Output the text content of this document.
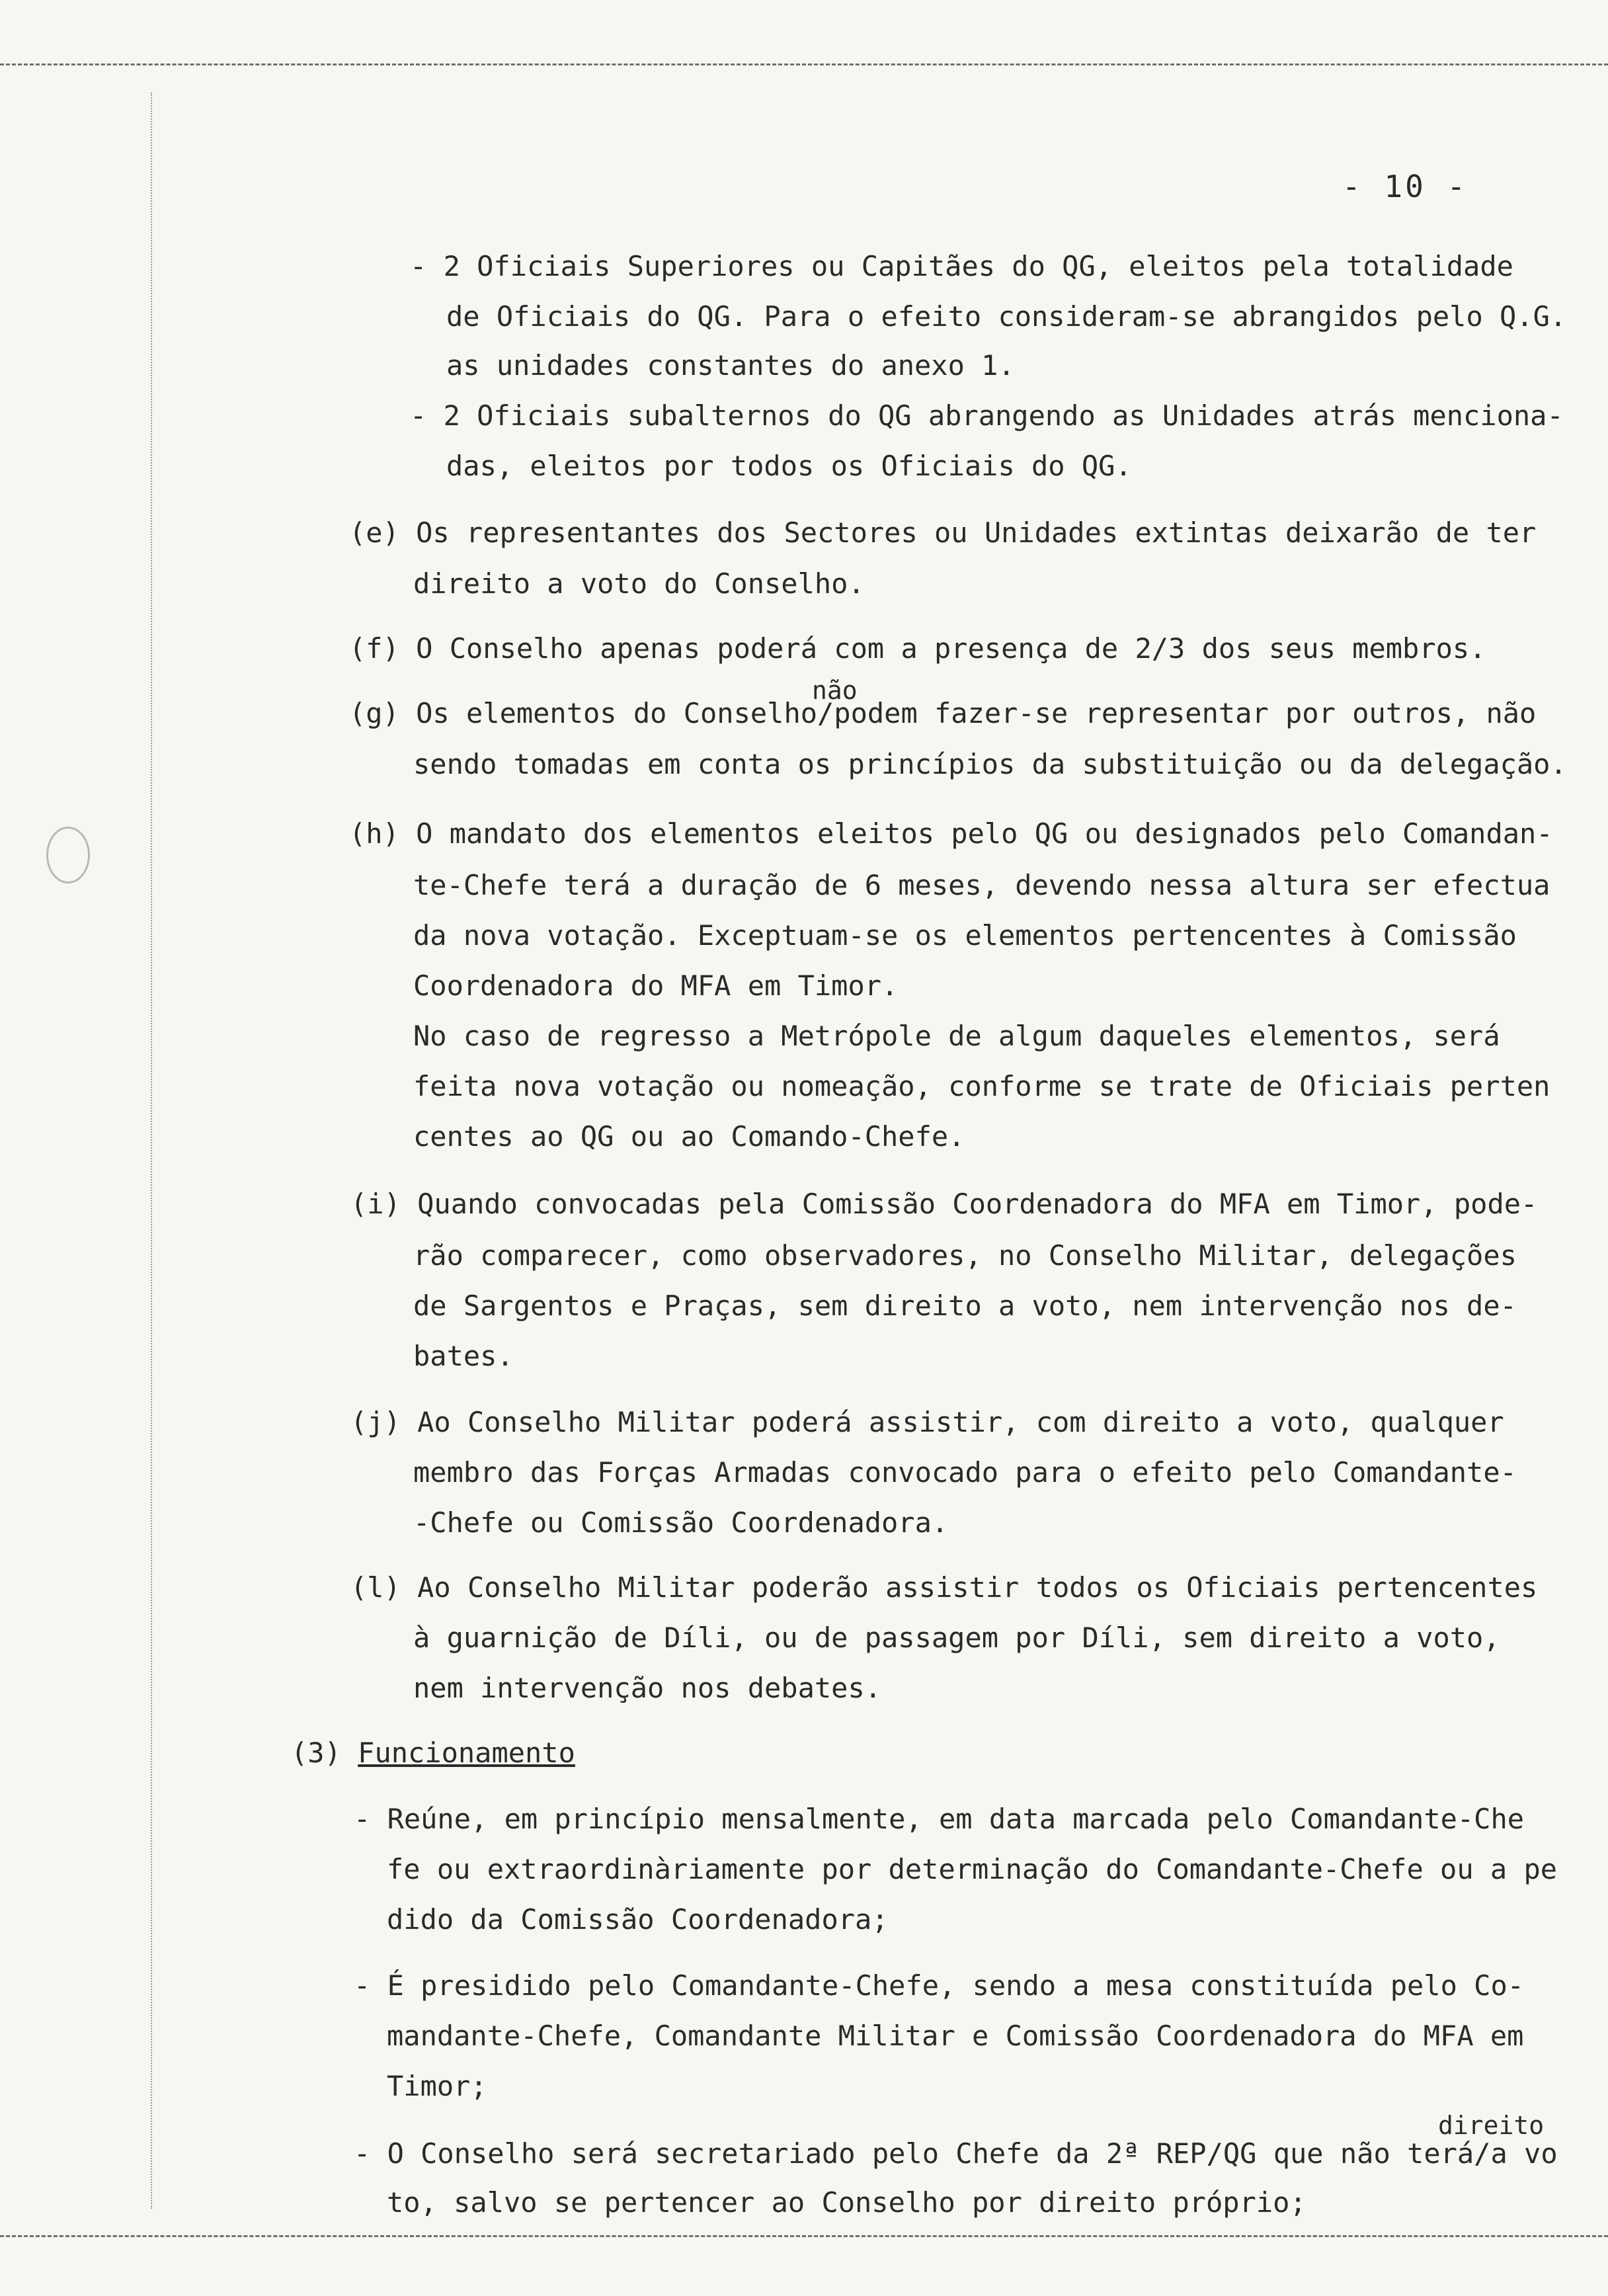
- 10 -
- 2 Oficiais Superiores ou Capitães do QG, eleitos pela totalidade
de Oficiais do QG. Para o efeito consideram-se abrangidos pelo Q.G.
as unidades constantes do anexo 1.
- 2 Oficiais subalternos do QG abrangendo as Unidades atrás menciona-
das, eleitos por todos os Oficiais do QG.
(e) Os representantes dos Sectores ou Unidades extintas deixarão de ter
direito a voto do Conselho.
(f) O Conselho apenas poderá com a presença de 2/3 dos seus membros.
(g) Os elementos do Conselho/podem fazer-se representar por outros, não
sendo tomadas em conta os princípios da substituição ou da delegação.
(h) O mandato dos elementos eleitos pelo QG ou designados pelo Comandan-
te-Chefe terá a duração de 6 meses, devendo nessa altura ser efectua
da nova votação. Exceptuam-se os elementos pertencentes à Comissão
Coordenadora do MFA em Timor.
No caso de regresso a Metrópole de algum daqueles elementos, será
feita nova votação ou nomeação, conforme se trate de Oficiais perten
centes ao QG ou ao Comando-Chefe.
(i) Quando convocadas pela Comissão Coordenadora do MFA em Timor, pode-
rão comparecer, como observadores, no Conselho Militar, delegações
de Sargentos e Praças, sem direito a voto, nem intervenção nos de-
bates.
(j) Ao Conselho Militar poderá assistir, com direito a voto, qualquer
membro das Forças Armadas convocado para o efeito pelo Comandante-
-Chefe ou Comissão Coordenadora.
(l) Ao Conselho Militar poderão assistir todos os Oficiais pertencentes
à guarnição de Díli, ou de passagem por Díli, sem direito a voto,
nem intervenção nos debates.
(3) Funcionamento
- Reúne, em princípio mensalmente, em data marcada pelo Comandante-Che
fe ou extraordinàriamente por determinação do Comandante-Chefe ou a pe
dido da Comissão Coordenadora;
- É presidido pelo Comandante-Chefe, sendo a mesa constituída pelo Co-
mandante-Chefe, Comandante Militar e Comissão Coordenadora do MFA em
Timor;
- O Conselho será secretariado pelo Chefe da 2ª REP/QG que não terá/a vo
to, salvo se pertencer ao Conselho por direito próprio;
não
direito
